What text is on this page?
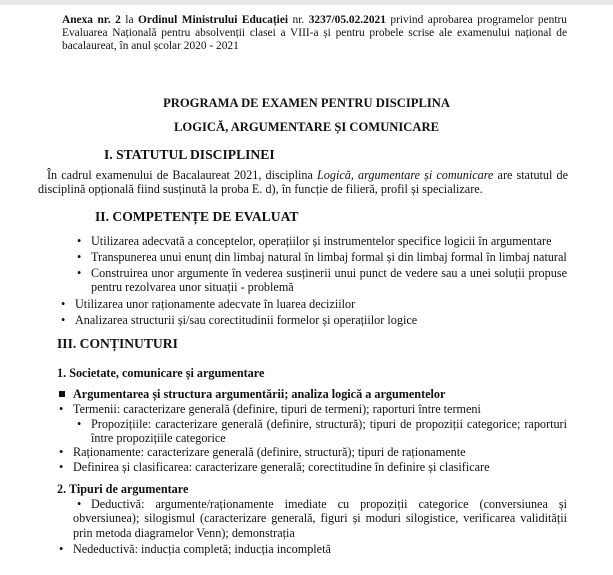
Anexa nr. 2 la Ordinul Ministrului Educației nr. 3237/05.02.2021 privind aprobarea programelor pentru Evaluarea Națională pentru absolvenții clasei a VIII-a și pentru probele scrise ale examenului național de bacalaureat, în anul școlar 2020 - 2021
PROGRAMA DE EXAMEN PENTRU DISCIPLINA
LOGICĂ, ARGUMENTARE ȘI COMUNICARE
I. STATUTUL DISCIPLINEI
În cadrul examenului de Bacalaureat 2021, disciplina Logică, argumentare și comunicare are statutul de disciplină opțională fiind susținută la proba E. d), în funcție de filieră, profil și specializare.
II. COMPETENȚE DE EVALUAT
• Utilizarea adecvată a conceptelor, operațiilor și instrumentelor specifice logicii în argumentare
• Transpunerea unui enunț din limbaj natural în limbaj formal și din limbaj formal în limbaj natural
• Construirea unor argumente în vederea susținerii unui punct de vedere sau a unei soluții propuse pentru rezolvarea unor situații - problemă
• Utilizarea unor raționamente adecvate în luarea deciziilor
• Analizarea structurii și/sau corectitudinii formelor și operațiilor logice
III. CONȚINUTURI
1. Societate, comunicare și argumentare
Argumentarea și structura argumentării; analiza logică a argumentelor
• Termenii: caracterizare generală (definire, tipuri de termeni); raporturi între termeni
• Propozițiile: caracterizare generală (definire, structură); tipuri de propoziții categorice; raporturi între propozițiile categorice
• Raționamente: caracterizare generală (definire, structură); tipuri de raționamente
• Definirea și clasificarea: caracterizare generală; corectitudine în definire și clasificare
2. Tipuri de argumentare
• Deductivă: argumente/raționamente imediate cu propoziții categorice (conversiunea și obversiunea); silogismul (caracterizare generală, figuri și moduri silogistice, verificarea validității prin metoda diagramelor Venn); demonstrația
• Nedeductivă: inducția completă; inducția incompletă
